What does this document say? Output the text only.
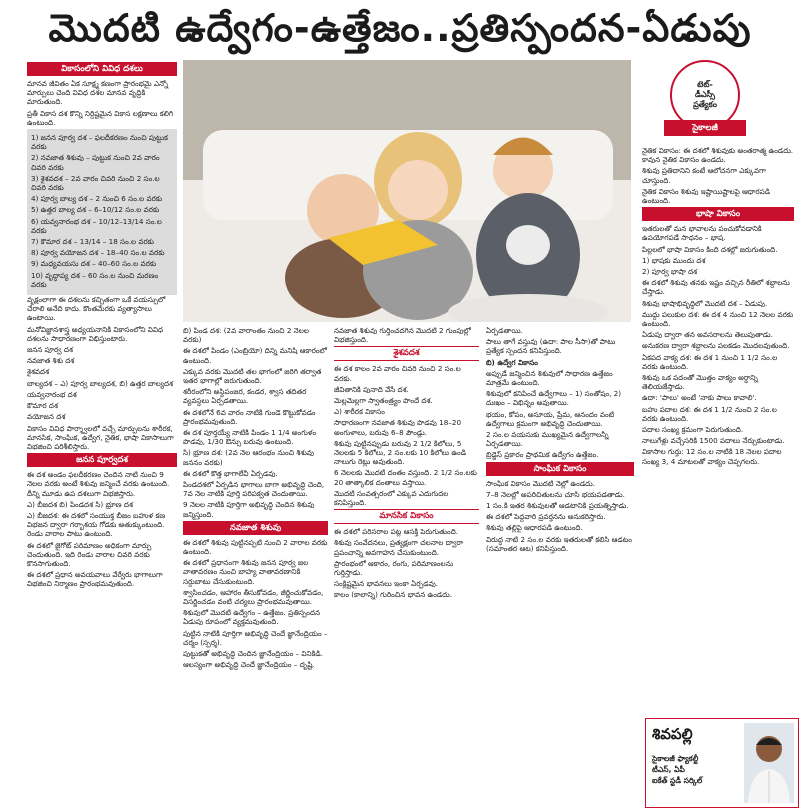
మొదటి ఉద్వేగం-ఉత్తేజం..ప్రతిస్పందన-ఏడుపు
టెట్-
డీఎస్సీ
ప్రత్యేకం
సైకాలజీ
వికాసంలోని వివిధ దశలు

మానవ జీవితం ఏక సూక్ష్మ కణంగా ప్రారంభమై ఎన్నో మార్పులు చెంది వివిధ దశల మానవ వృద్ధికి మారుతుంది.

ప్రతీ వికాస దశ కొన్ని నిర్దిష్టమైన వికాస లక్షణాలు కలిగి ఉంటుంది.

1) జనన పూర్వ దశ – ఫలదీకరణం నుంచి పుట్టుక వరకు

2) నవజాత శిశువు – పుట్టుక నుంచి 2వ వారం చివరి వరకు

3) శైశవదశ – 2వ వారం చివరి నుంచి 2 సం.ల చివరి వరకు

4) పూర్వ బాల్య దశ – 2 నుంచి 6 సం.ల వరకు

5) ఉత్తర బాల్య దశ – 6–10/12 సం.ల వరకు

6) యవ్వనారంభ దశ – 10/12–13/14 సం.ల వరకు

7) కౌమార దశ – 13/14 – 18 సం.ల వరకు

8) పూర్వ వయోజన దశ – 18–40 సం.ల వరకు

9) మధ్యవయసు దశ – 40–60 సం.ల వరకు

10) వృద్ధాప్య దశ – 60 సం.ల నుంచి మరణం వరకు

వృక్షంలాగా ఈ దశలను కచ్చితంగా ఒకే వయస్సులో చేరాలి అనేది కాదు. కొంతమేరకు వ్యత్యాసాలు ఉంటాయి.

మనోవిజ్ఞానశాస్త్ర అధ్యయనానికి వికాసంలోని వివిధ దశలను సాధారణంగా విభిస్తుంటారు.

జనన పూర్వ దశ

నవజాత శిశు దశ

శైశవదశ

బాల్యదశ – ఎ) పూర్వ బాల్యదశ, బి) ఉత్తర బాల్యదశ

యవ్వనారంభ దశ

కౌమార దశ

వయోజన దశ

వికాసం వివిధ పార్శ్వాలలో వచ్చే మార్పులను శారీరక, మానసిక, సాంఘిక, ఉద్వేగ, నైతిక, భాషా వికాసాలుగా విభజించి పరిశీలిస్తారు.

జనన పూర్వదశ

ఈ దశ అండం ఫలదీకరణం చెందిన నాటి నుంచి 9 నెలల వరకు అంటే శిశువు జన్మించే వరకు ఉంటుంది. దీన్ని మూడు ఉప దశలుగా విభజిస్తారు.

ఎ) బీజదశ బి) పిండదశ సి) భ్రూణ దశ

ఎ) బీజదశ: ఈ దశలో సంయుక్త బీజం బహుళ కణ విభజన ద్వారా గర్భాశయ గోడకు అతుక్కుంటుంది. రెండు వారాల పాటు ఉంటుంది.

ఈ దశలో జైగోట్ పరిమాణం అధికంగా మార్పు చెందుతుంది. ఇది రెండు వారాల చివరి వరకు కొనసాగుతుంది.

ఈ దశలో ప్రధాన అవయవాలు వేర్వేరు భాగాలుగా విభజించి నిర్మాణం ప్రారంభమవుతుంది.

బి) పిండ దశ: (2వ వారాంతం నుంచి 2 నెలల వరకు)

ఈ దశలో పిండం (ఎంబ్రియో) దిన్ని మనిషి ఆకారంలో ఉంటుంది.

ఎక్కువ వరకు మొదటి తల భాగంలో జరిగి తర్వాత ఇతర భాగాల్లో జరుగుతుంది.

శరీరంలోని అస్థిపంజర, కండర, శ్వాస తదితర వ్యవస్థలు ఏర్పడతాయి.

ఈ దశలోనే 6వ వారం నాటికి గుండె కొట్టుకోవడం ప్రారంభమవుతుంది.

ఈ దశ పూర్తయ్యే నాటికి పిండం 1 1/4 అంగుళం పొడవు, 1/30 ఔన్సు బరువు ఉంటుంది.

సి) భ్రూణ దశ: (2వ నెల ఆరంభం నుంచి శిశువు జననం వరకు)

ఈ దశలో కొత్త భాగాలేవీ ఏర్పడవు.

పిండదశలో ఏర్పడిన భాగాలు బాగా అభివృద్ధి చెంది, 7వ నెల నాటికి పూర్తి పరిపక్వత చెందుతాయి.

9 నెలల నాటికి పూర్తిగా అభివృద్ధి చెందిన శిశువు జన్మిస్తుంది.

నవజాత శిశువు

ఈ దశలో శిశువు పుట్టినప్పటి నుంచి 2 వారాల వరకు ఉంటుంది.

ఈ దశలో ప్రధానంగా శిశువు జనన పూర్వ జల వాతావరణం నుంచి బాహ్య వాతావరణానికి సర్దుబాటు చేసుకుంటుంది.

శ్వాసించడం, ఆహారం తీసుకోవడం, జీర్ణించుకోవడం, విసర్జించడం వంటి చర్యలు ప్రారంభమవుతాయి.

శిశువులో మొదటి ఉద్వేగం – ఉత్తేజం. ప్రతిస్పందన ఏడుపు రూపంలో వ్యక్తమవుతుంది.

పుట్టిన నాటికి పూర్తిగా అభివృద్ధి చెందే జ్ఞానేంద్రియం – చర్మం (స్పర్శ).

పుట్టుకతో అభివృద్ధి చెందిన జ్ఞానేంద్రియం – వినికిడి.

ఆలస్యంగా అభివృద్ధి చెందే జ్ఞానేంద్రియం – దృష్టి.

నవజాత శిశువు గుర్తించదగిన మొదటి 2 గుంపుల్లో విభజిస్తుంది.

శైశవదశ

ఈ దశ కాలం 2వ వారం చివరి నుంచి 2 సం.ల వరకు.

జీవితానికి పునాది వేసే దశ.

మెల్లమెల్లగా స్వాతంత్ర్యం పొందే దశ.

ఎ) శారీరక వికాసం

సాధారణంగా నవజాత శిశువు పొడవు 18–20 అంగుళాలు, బరువు 6–8 పౌండ్లు.

శిశువు పుట్టినప్పుడు బరువు 2 1/2 కిలోలు, 5 నెలలకు 5 కిలోలు, 2 సం.లకు 10 కిలోలు ఉండి నాలుగు రెట్లు అవుతుంది.

6 నెలలకు మొదటి దంతం వస్తుంది. 2 1/2 సం.లకు 20 తాత్కాలిక దంతాలు వస్తాయి.

మొదటి సంవత్సరంలో ఎక్కువ ఎదుగుదల కనిపిస్తుంది.

మానసిక వికాసం

ఈ దశలో పరిసరాల పట్ల ఆసక్తి పెరుగుతుంది.

శిశువు సంవేదనలు, ప్రత్యక్షంగా చలనాల ద్వారా ప్రపంచాన్ని అవగాహన చేసుకుంటుంది.

ప్రారంభంలో ఆకారం, రంగు, పరిమాణంలను గుర్తిస్తాడు.

సంక్లిష్టమైన భావనలు ఇంకా ఏర్పడవు.

కాలం (కాలాన్ని) గురించిన భావన ఉండదు.

ఏర్పడతాయి.

పాలు తాగే వస్తువు (ఉదా: పాల సీసా)తో పాటు ప్రత్యేక స్పందన కనిపిస్తుంది.

బి) ఉద్వేగ వికాసం

అప్పుడే జన్మించిన శిశువులో సాధారణ ఉత్తేజం మాత్రమే ఉంటుంది.

శిశువులో కనిపించే ఉద్వేగాలు – 1) సంతోషం, 2) దుఃఖం – విభిన్నం అవుతాయి.

భయం, కోపం, అసూయ, ప్రేమ, ఆనందం వంటి ఉద్వేగాలు క్రమంగా అభివృద్ధి చెందుతాయి.

2 సం.ల వయసుకు ముఖ్యమైన ఉద్వేగాలన్నీ ఏర్పడతాయి.

బ్రిడ్జెస్ ప్రకారం ప్రాథమిక ఉద్వేగం ఉత్తేజం.

సాంఘిక వికాసం

సాంఘిక వికాసం మొదటి నెల్లో ఉండదు.

7–8 నెలల్లో అపరిచితులను చూసి భయపడతాడు.

1 సం.కి ఇతర శిశువులతో ఆడటానికి ప్రయత్నిస్తాడు.

ఈ దశలో పెద్దవారి ప్రవర్తనను అనుకరిస్తారు.

శిశువు తల్లిపై ఆధారపడి ఉంటుంది.

విరుద్ధ నాటి 2 సం.ల వరకు ఇతరులతో కలిసి ఆడటం (సమాంతర ఆట) కనిపిస్తుంది.

నైతిక వికాసం: ఈ దశలో శిశువుకు అంతరాత్మ ఉండదు. కావున నైతిక వికాసం ఉండదు.

శిశువు ప్రతిదానిని కంటే ఆలోచనగా ఎక్కువగా చూస్తుంది.

నైతిక వికాసం శిశువు ఇష్టాయిష్టాలపై ఆధారపడి ఉంటుంది.

భాషా వికాసం

ఇతరులతో మన భావాలను పంచుకోవడానికి ఉపయోగపడే సాధనం – భాష.

పిల్లలలో భాషా వికాసం కింది దశల్లో జరుగుతుంది.

1) భాషకు ముందు దశ

2) పూర్వ భాషా దశ

ఈ దశలో శిశువు తనకు ఇష్టం వచ్చిన రీతిలో శబ్దాలను చేస్తాడు.

శిశువు భాషాభివృద్ధిలో మొదటి దశ – ఏడుపు.

ముద్దు పలుకుల దశ: ఈ దశ 4 నుంచి 12 నెలల వరకు ఉంటుంది.

ఏడుపు ద్వారా తన అవసరాలను తెలుపుతాడు.

అనుకరణ ద్వారా శబ్దాలను పలకడం మొదలవుతుంది.

ఏకపద వాక్య దశ: ఈ దశ 1 నుంచి 1 1/2 సం.ల వరకు ఉంటుంది.

శిశువు ఒక పదంతో మొత్తం వాక్యం అర్థాన్ని తెలియజేస్తాడు.

ఉదా: 'పాలు' అంటే 'నాకు పాలు కావాలి'.

బహు పదాల దశ: ఈ దశ 1 1/2 నుంచి 2 సం.ల వరకు ఉంటుంది.

పదాల సంఖ్య క్రమంగా పెరుగుతుంది.

నాలుగేళ్లు వచ్చేసరికి 1500 పదాలు నేర్చుకుంటాడు.

వికాసాల గుర్తు: 12 సం.ల నాటికి 18 నెలల పదాల సంఖ్య 3, 4 మాటలతో వాక్యం చెప్పగలరు.

శివపల్లి
సైకాలజీ ఫ్యాకల్టీ
టీఎస్, ఏపీ
ఐకేత్ స్టడీ సర్కిల్
